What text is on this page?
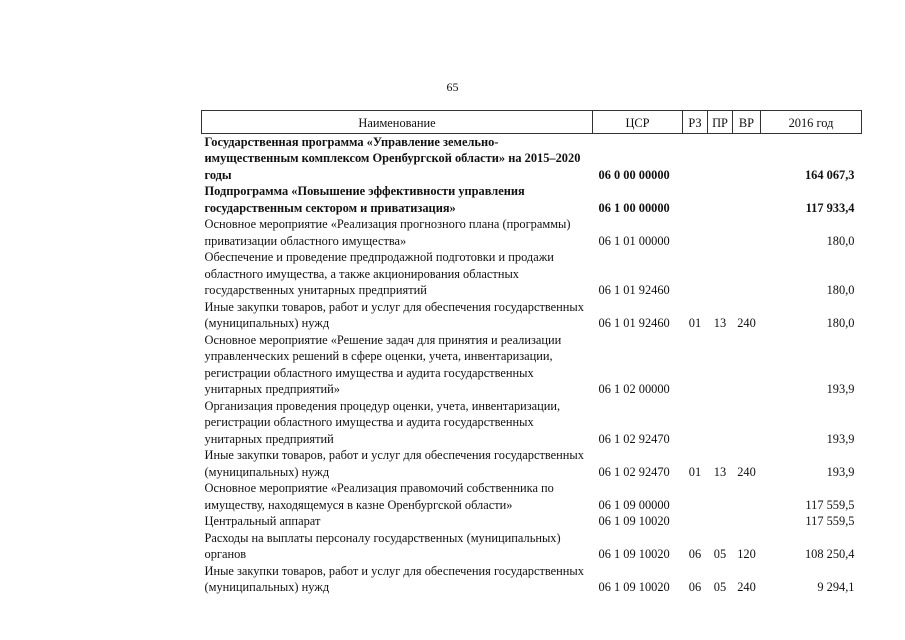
65
Наименование	ЦСР	РЗ	ПР	ВР	2016 год
Государственная программа «Управление земельно-имущественным комплексом Оренбургской области» на 2015–2020 годы	06 0 00 00000				164 067,3
Подпрограмма «Повышение эффективности управления государственным сектором и приватизация»	06 1 00 00000				117 933,4
Основное мероприятие «Реализация прогнозного плана (программы) приватизации областного имущества»	06 1 01 00000				180,0
Обеспечение и проведение предпродажной подготовки и продажи областного имущества, а также акционирования областных государственных унитарных предприятий	06 1 01 92460				180,0
Иные закупки товаров, работ и услуг для обеспечения государственных (муниципальных) нужд	06 1 01 92460	01	13	240	180,0
Основное мероприятие «Решение задач для принятия и реализации управленческих решений в сфере оценки, учета, инвентаризации, регистрации областного имущества и аудита государственных унитарных предприятий»	06 1 02 00000				193,9
Организация проведения процедур оценки, учета, инвентаризации, регистрации областного имущества и аудита государственных унитарных предприятий	06 1 02 92470				193,9
Иные закупки товаров, работ и услуг для обеспечения государственных (муниципальных) нужд	06 1 02 92470	01	13	240	193,9
Основное мероприятие «Реализация правомочий собственника по имуществу, находящемуся в казне Оренбургской области»	06 1 09 00000				117 559,5
Центральный аппарат	06 1 09 10020				117 559,5
Расходы на выплаты персоналу государственных (муниципальных) органов	06 1 09 10020	06	05	120	108 250,4
Иные закупки товаров, работ и услуг для обеспечения государственных (муниципальных) нужд	06 1 09 10020	06	05	240	9 294,1
